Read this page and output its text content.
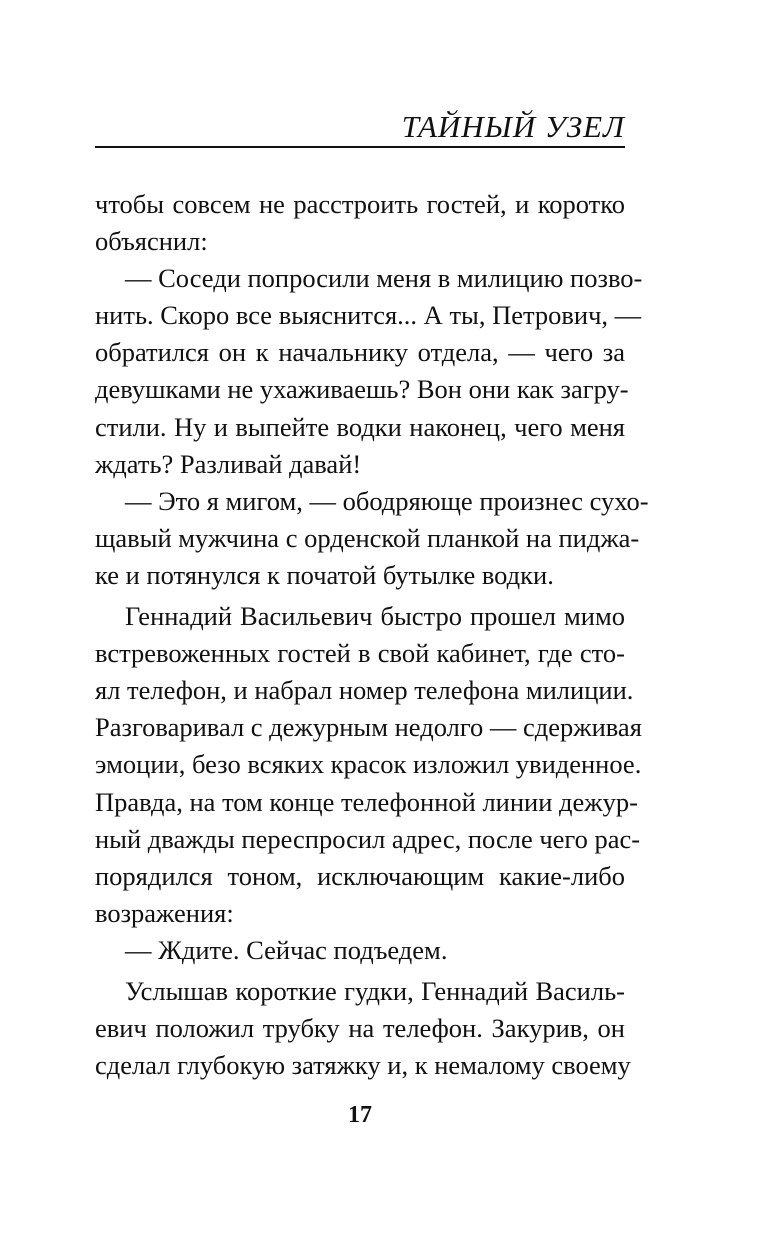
ТАЙНЫЙ УЗЕЛ

чтобы совсем не расстроить гостей, и коротко

объяснил:

— Соседи попросили меня в милицию позво-

нить. Скоро все выяснится... А ты, Петрович, —

обратился он к начальнику отдела, — чего за

девушками не ухаживаешь? Вон они как загру-

стили. Ну и выпейте водки наконец, чего меня

ждать? Разливай давай!

— Это я мигом, — ободряюще произнес сухо-

щавый мужчина с орденской планкой на пиджа-

ке и потянулся к початой бутылке водки.

Геннадий Васильевич быстро прошел мимо

встревоженных гостей в свой кабинет, где сто-

ял телефон, и набрал номер телефона милиции.

Разговаривал с дежурным недолго — сдерживая

эмоции, безо всяких красок изложил увиденное.

Правда, на том конце телефонной линии дежур-

ный дважды переспросил адрес, после чего рас-

порядился тоном, исключающим какие-либо

возражения:

— Ждите. Сейчас подъедем.

Услышав короткие гудки, Геннадий Василь-

евич положил трубку на телефон. Закурив, он

сделал глубокую затяжку и, к немалому своему

17
